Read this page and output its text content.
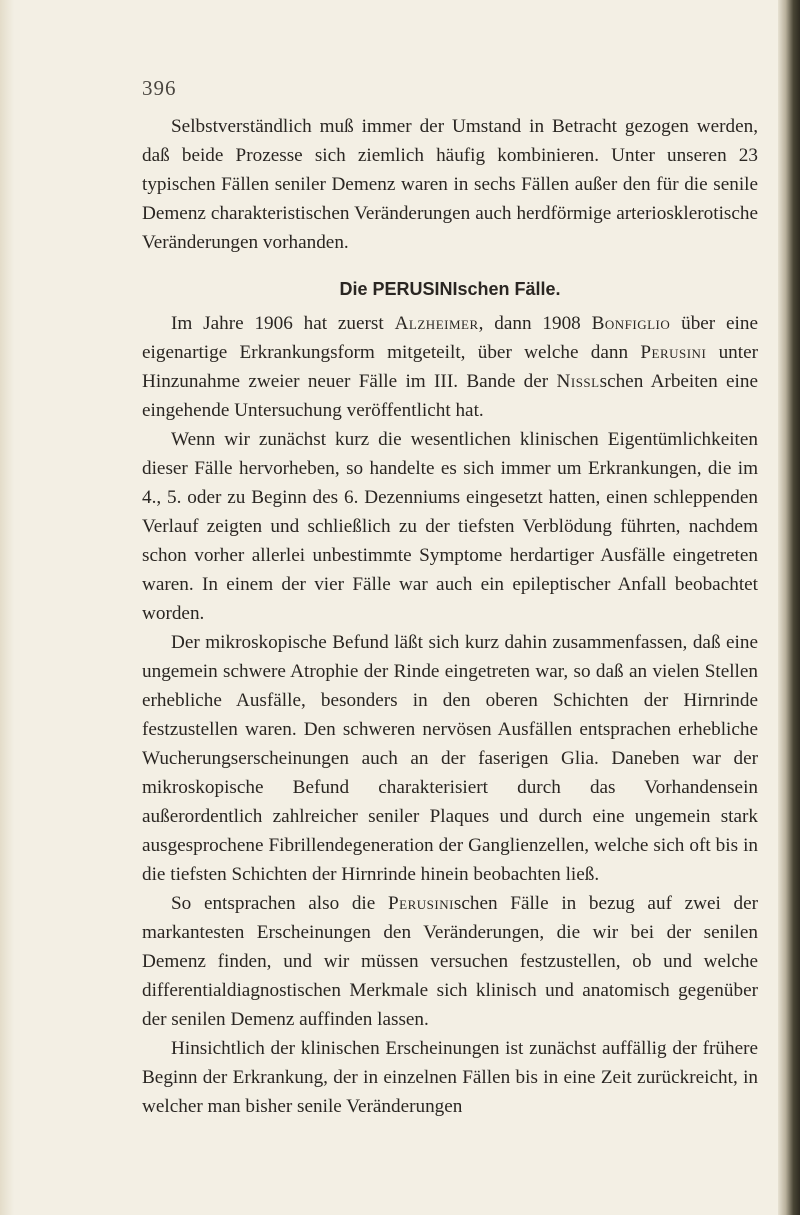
396

Selbstverständlich muß immer der Umstand in Betracht gezogen werden, daß beide Prozesse sich ziemlich häufig kombinieren. Unter unseren 23 typischen Fällen seniler Demenz waren in sechs Fällen außer den für die senile Demenz charakteristischen Veränderungen auch herdförmige arteriosklerotische Veränderungen vorhanden.

Die PERUSINIschen Fälle.

Im Jahre 1906 hat zuerst Alzheimer, dann 1908 Bonfiglio über eine eigenartige Erkrankungsform mitgeteilt, über welche dann Perusini unter Hinzunahme zweier neuer Fälle im III. Bande der Nisslschen Arbeiten eine eingehende Untersuchung veröffentlicht hat.

Wenn wir zunächst kurz die wesentlichen klinischen Eigentümlichkeiten dieser Fälle hervorheben, so handelte es sich immer um Erkrankungen, die im 4., 5. oder zu Beginn des 6. Dezenniums eingesetzt hatten, einen schleppenden Verlauf zeigten und schließlich zu der tiefsten Verblödung führten, nachdem schon vorher allerlei unbestimmte Symptome herdartiger Ausfälle eingetreten waren. In einem der vier Fälle war auch ein epileptischer Anfall beobachtet worden.

Der mikroskopische Befund läßt sich kurz dahin zusammenfassen, daß eine ungemein schwere Atrophie der Rinde eingetreten war, so daß an vielen Stellen erhebliche Ausfälle, besonders in den oberen Schichten der Hirnrinde festzustellen waren. Den schweren nervösen Ausfällen entsprachen erhebliche Wucherungserscheinungen auch an der faserigen Glia. Daneben war der mikroskopische Befund charakterisiert durch das Vorhandensein außerordentlich zahlreicher seniler Plaques und durch eine ungemein stark ausgesprochene Fibrillendegeneration der Ganglienzellen, welche sich oft bis in die tiefsten Schichten der Hirnrinde hinein beobachten ließ.

So entsprachen also die Perusinischen Fälle in bezug auf zwei der markantesten Erscheinungen den Veränderungen, die wir bei der senilen Demenz finden, und wir müssen versuchen festzustellen, ob und welche differentialdiagnostischen Merkmale sich klinisch und anatomisch gegenüber der senilen Demenz auffinden lassen.

Hinsichtlich der klinischen Erscheinungen ist zunächst auffällig der frühere Beginn der Erkrankung, der in einzelnen Fällen bis in eine Zeit zurückreicht, in welcher man bisher senile Veränderungen
